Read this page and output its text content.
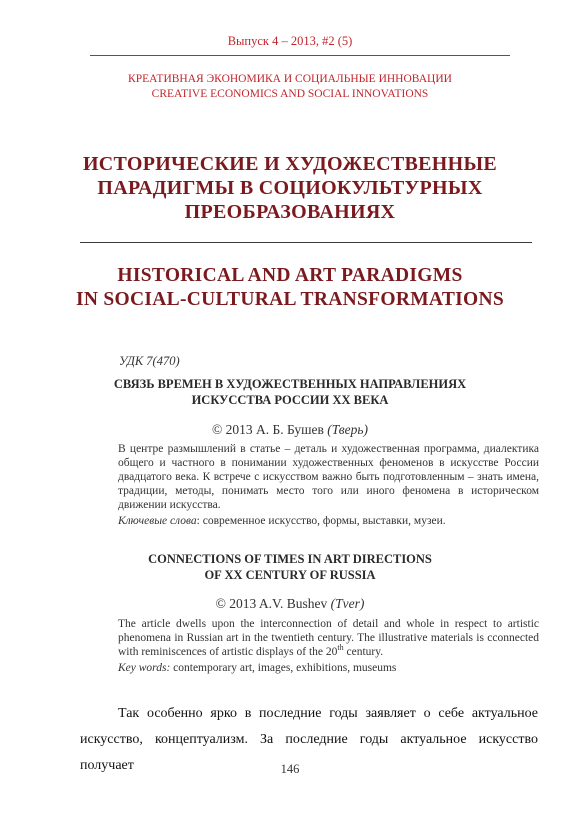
Выпуск 4 – 2013, #2 (5)
КРЕАТИВНАЯ ЭКОНОМИКА И СОЦИАЛЬНЫЕ ИННОВАЦИИ
CREATIVE ECONOMICS AND SOCIAL INNOVATIONS
ИСТОРИЧЕСКИЕ И ХУДОЖЕСТВЕННЫЕ
ПАРАДИГМЫ В СОЦИОКУЛЬТУРНЫХ
ПРЕОБРАЗОВАНИЯХ
HISTORICAL AND ART PARADIGMS
IN SOCIAL-CULTURAL TRANSFORMATIONS
УДК 7(470)
СВЯЗЬ ВРЕМЕН В ХУДОЖЕСТВЕННЫХ НАПРАВЛЕНИЯХ
ИСКУССТВА РОССИИ ХХ ВЕКА
© 2013 А. Б. Бушев (Тверь)
В центре размышлений в статье – деталь и художественная программа, диалектика общего и частного в понимании художественных феноменов в искусстве России двадцатого века. К встрече с искусством важно быть подготовленным – знать имена, традиции, методы, понимать место того или иного феномена в историческом движении искусства.
Ключевые слова: современное искусство, формы, выставки, музеи.
CONNECTIONS OF TIMES IN ART DIRECTIONS
OF XX CENTURY OF RUSSIA
© 2013 A.V. Bushev (Tver)
The article dwells upon the interconnection of detail and whole in respect to artistic phenomena in Russian art in the twentieth century. The illustrative materials is cconnected with reminiscences of artistic displays of the 20th century.
Key words: contemporary art, images, exhibitions, museums
Так особенно ярко в последние годы заявляет о себе актуальное
искусство, концептуализм. За последние годы актуальное искусство получает	146
